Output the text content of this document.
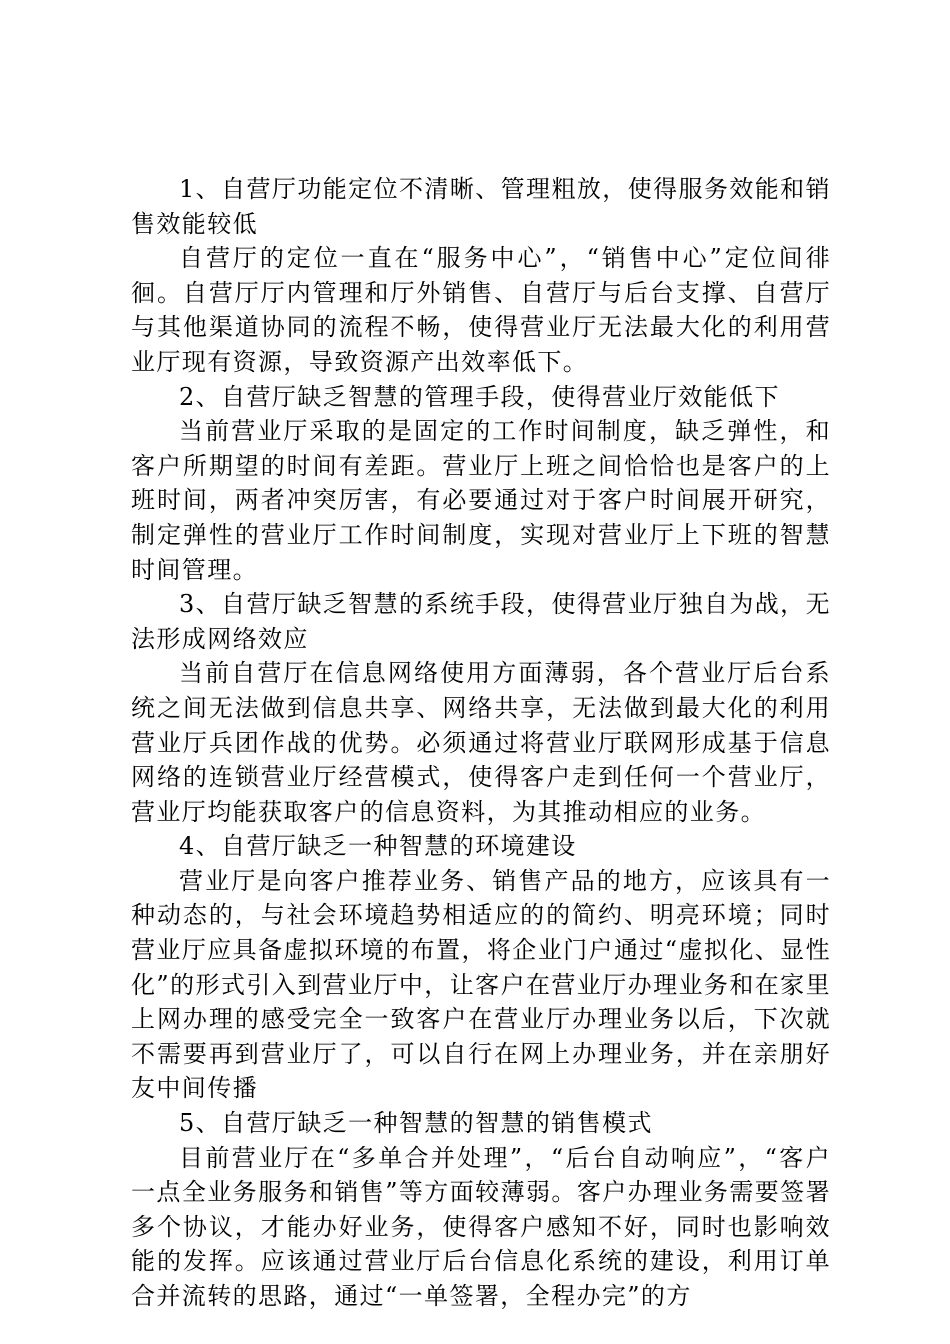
1、自营厅功能定位不清晰、管理粗放，使得服务效能和销售效能较低

自营厅的定位一直在“服务中心”，“销售中心”定位间徘徊。自营厅厅内管理和厅外销售、自营厅与后台支撑、自营厅与其他渠道协同的流程不畅，使得营业厅无法最大化的利用营业厅现有资源，导致资源产出效率低下。

2、自营厅缺乏智慧的管理手段，使得营业厅效能低下

当前营业厅采取的是固定的工作时间制度，缺乏弹性，和客户所期望的时间有差距。营业厅上班之间恰恰也是客户的上班时间，两者冲突厉害，有必要通过对于客户时间展开研究，制定弹性的营业厅工作时间制度，实现对营业厅上下班的智慧时间管理。

3、自营厅缺乏智慧的系统手段，使得营业厅独自为战，无法形成网络效应

当前自营厅在信息网络使用方面薄弱，各个营业厅后台系统之间无法做到信息共享、网络共享，无法做到最大化的利用营业厅兵团作战的优势。必须通过将营业厅联网形成基于信息网络的连锁营业厅经营模式，使得客户走到任何一个营业厅，营业厅均能获取客户的信息资料，为其推动相应的业务。

4、自营厅缺乏一种智慧的环境建设

营业厅是向客户推荐业务、销售产品的地方，应该具有一种动态的，与社会环境趋势相适应的的简约、明亮环境；同时营业厅应具备虚拟环境的布置，将企业门户通过“虚拟化、显性化”的形式引入到营业厅中，让客户在营业厅办理业务和在家里上网办理的感受完全一致客户在营业厅办理业务以后，下次就不需要再到营业厅了，可以自行在网上办理业务，并在亲朋好友中间传播

5、自营厅缺乏一种智慧的智慧的销售模式

目前营业厅在“多单合并处理”，“后台自动响应”，“客户一点全业务服务和销售”等方面较薄弱。客户办理业务需要签署多个协议，才能办好业务，使得客户感知不好，同时也影响效能的发挥。应该通过营业厅后台信息化系统的建设，利用订单合并流转的思路，通过“一单签署，全程办完”的方
